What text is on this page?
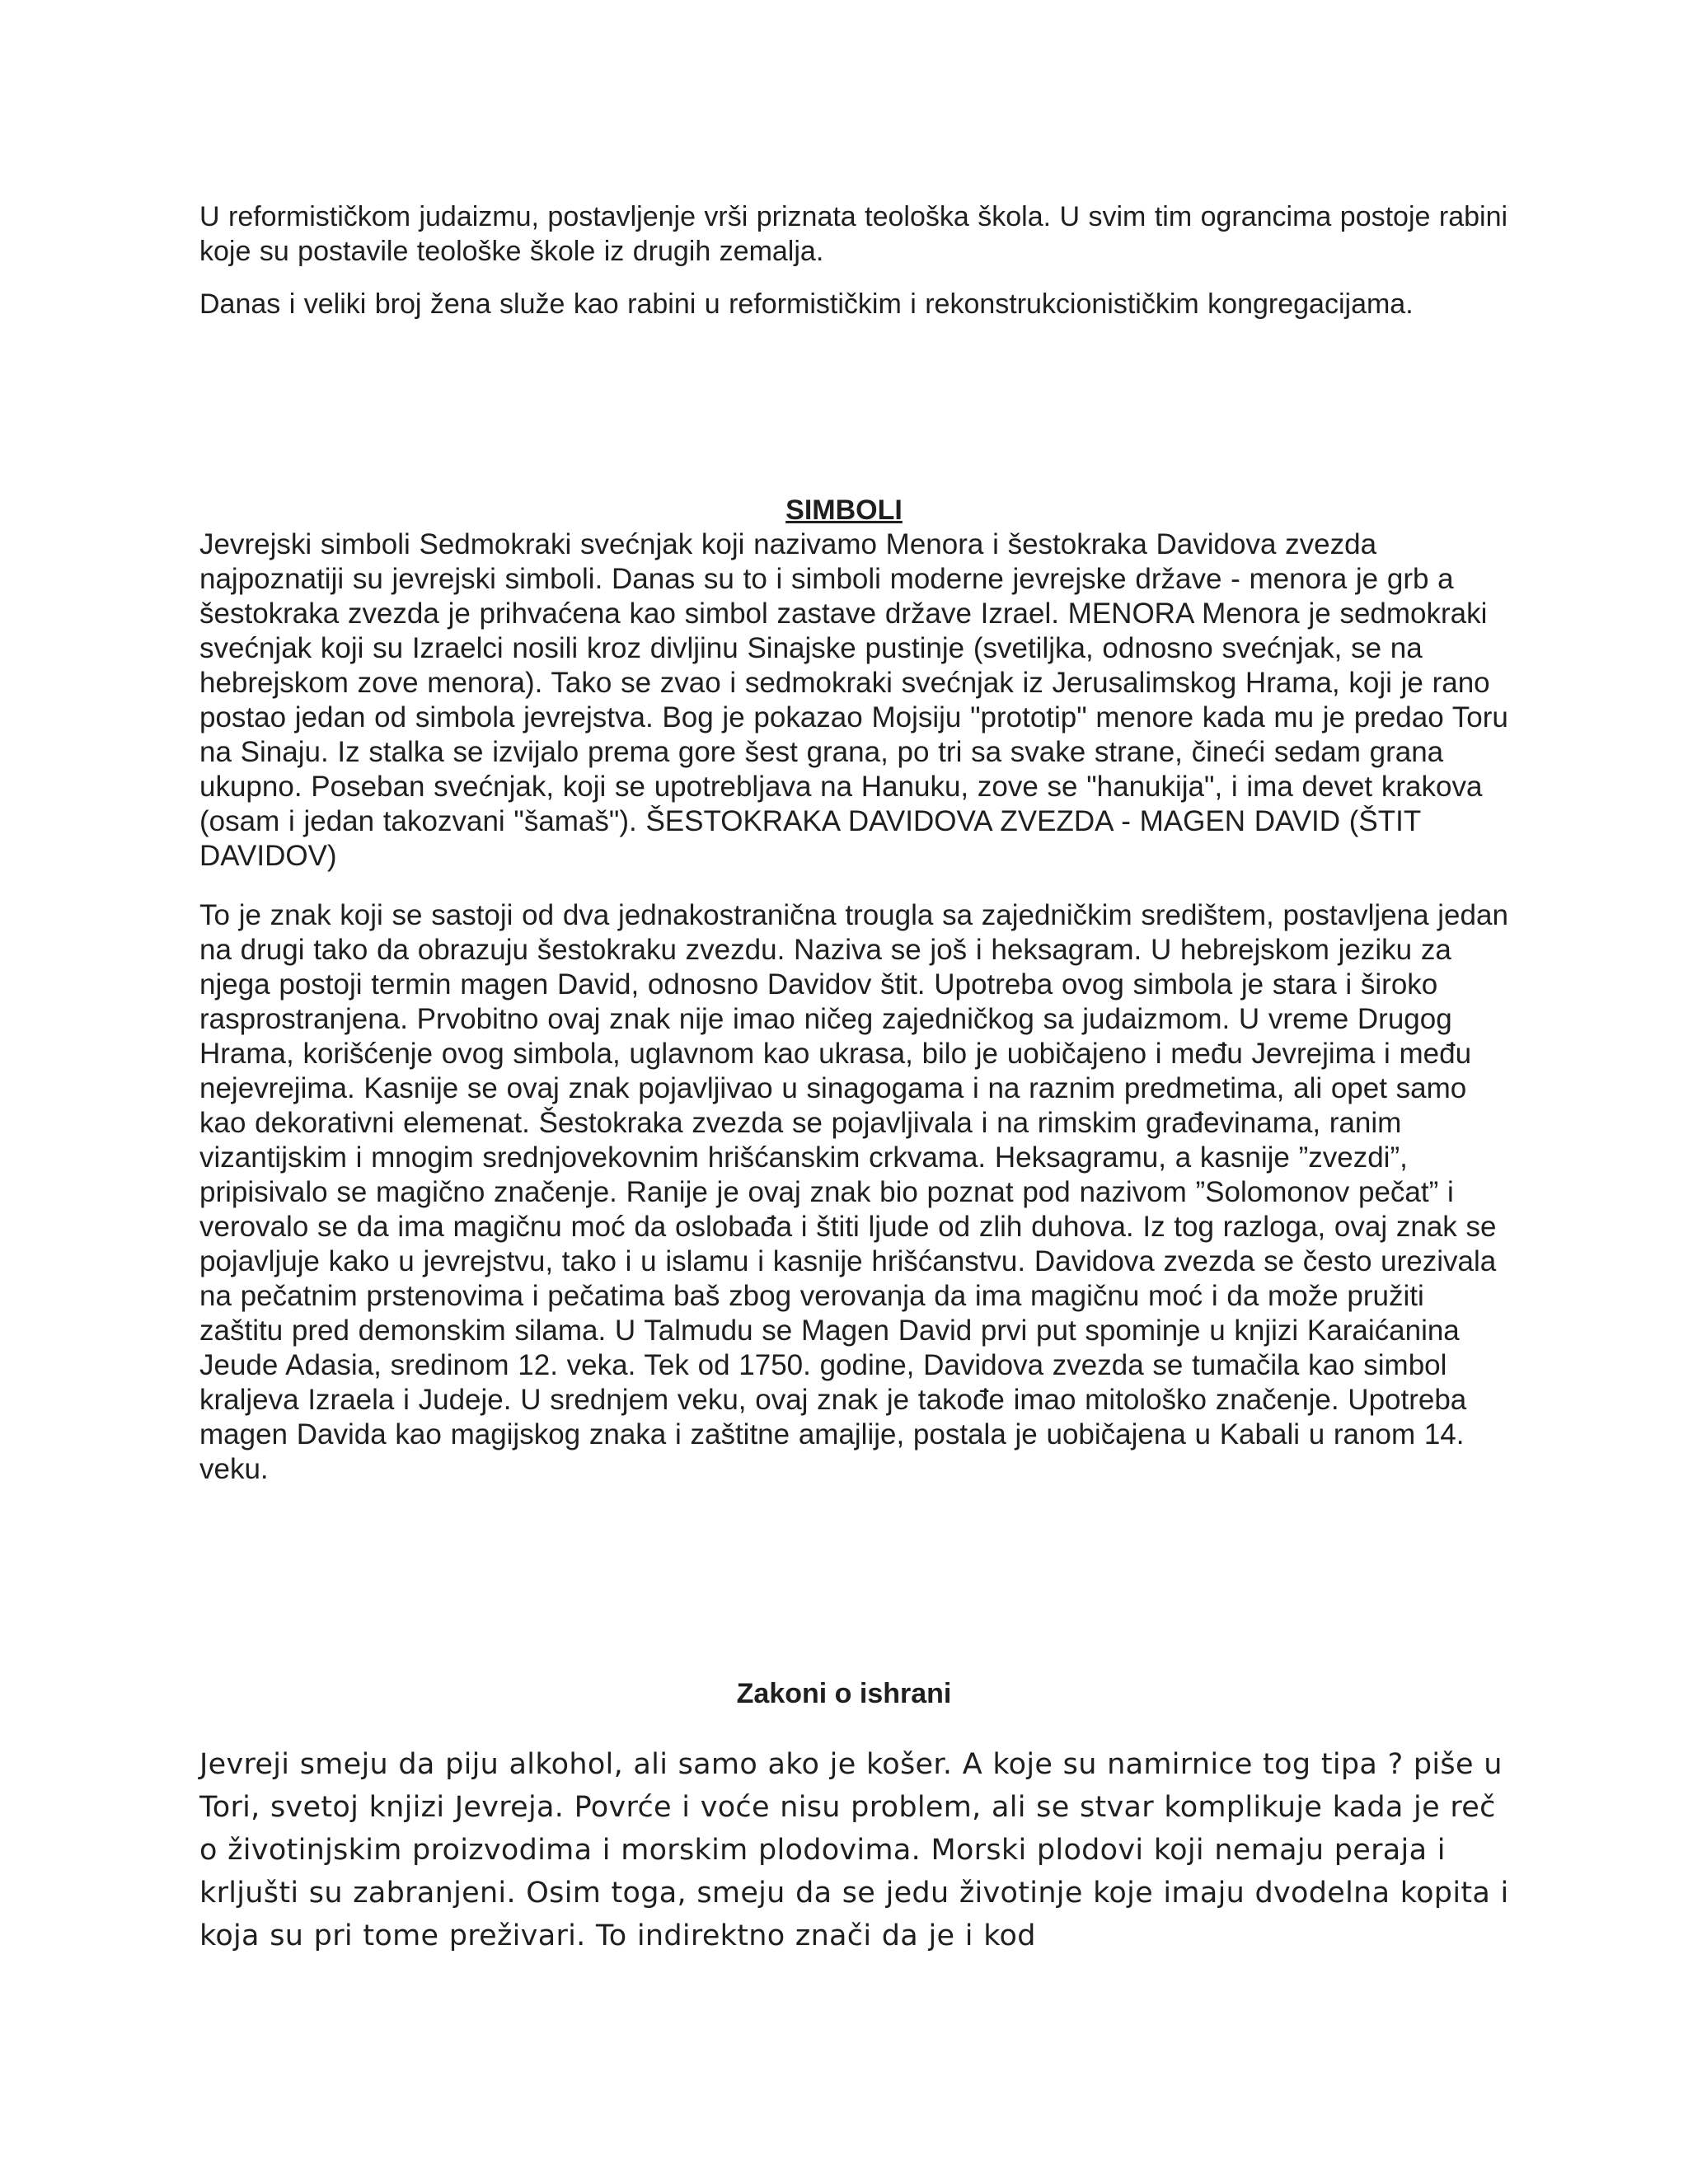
U reformističkom judaizmu, postavljenje vrši priznata teološka škola. U svim tim ograncima postoje rabini koje su postavile teološke škole iz drugih zemalja.

Danas i veliki broj žena služe kao rabini u reformističkim i rekonstrukcionističkim kongregacijama.

SIMBOLI

Jevrejski simboli Sedmokraki svećnjak koji nazivamo Menora i šestokraka Davidova zvezda najpoznatiji su jevrejski simboli. Danas su to i simboli moderne jevrejske države - menora je grb a šestokraka zvezda je prihvaćena kao simbol zastave države Izrael. MENORA Menora je sedmokraki svećnjak koji su Izraelci nosili kroz divljinu Sinajske pustinje (svetiljka, odnosno svećnjak, se na hebrejskom zove menora). Tako se zvao i sedmokraki svećnjak iz Jerusalimskog Hrama, koji je rano postao jedan od simbola jevrejstva. Bog je pokazao Mojsiju "prototip" menore kada mu je predao Toru na Sinaju. Iz stalka se izvijalo prema gore šest grana, po tri sa svake strane, čineći sedam grana ukupno. Poseban svećnjak, koji se upotrebljava na Hanuku, zove se "hanukija", i ima devet krakova (osam i jedan takozvani "šamaš"). ŠESTOKRAKA DAVIDOVA ZVEZDA - MAGEN DAVID (ŠTIT DAVIDOV)

To je znak koji se sastoji od dva jednakostranična trougla sa zajedničkim središtem, postavljena jedan na drugi tako da obrazuju šestokraku zvezdu. Naziva se još i heksagram. U hebrejskom jeziku za njega postoji termin magen David, odnosno Davidov štit. Upotreba ovog simbola je stara i široko rasprostranjena. Prvobitno ovaj znak nije imao ničeg zajedničkog sa judaizmom. U vreme Drugog Hrama, korišćenje ovog simbola, uglavnom kao ukrasa, bilo je uobičajeno i među Jevrejima i među nejevrejima. Kasnije se ovaj znak pojavljivao u sinagogama i na raznim predmetima, ali opet samo kao dekorativni elemenat. Šestokraka zvezda se pojavljivala i na rimskim građevinama, ranim vizantijskim i mnogim srednjovekovnim hrišćanskim crkvama. Heksagramu, a kasnije ”zvezdi”, pripisivalo se magično značenje. Ranije je ovaj znak bio poznat pod nazivom ”Solomonov pečat” i verovalo se da ima magičnu moć da oslobađa i štiti ljude od zlih duhova. Iz tog razloga, ovaj znak se pojavljuje kako u jevrejstvu, tako i u islamu i kasnije hrišćanstvu. Davidova zvezda se često urezivala na pečatnim prstenovima i pečatima baš zbog verovanja da ima magičnu moć i da može pružiti zaštitu pred demonskim silama. U Talmudu se Magen David prvi put spominje u knjizi Karaićanina Jeude Adasia, sredinom 12. veka. Tek od 1750. godine, Davidova zvezda se tumačila kao simbol kraljeva Izraela i Judeje. U srednjem veku, ovaj znak je takođe imao mitološko značenje. Upotreba magen Davida kao magijskog znaka i zaštitne amajlije, postala je uobičajena u Kabali u ranom 14. veku.

Zakoni o ishrani

Jevreji smeju da piju alkohol, ali samo ako je košer. A koje su namirnice tog tipa ? piše u Tori, svetoj knjizi Jevreja. Povrće i voće nisu problem, ali se stvar komplikuje kada je reč o životinjskim proizvodima i morskim plodovima. Morski plodovi koji nemaju peraja i krljušti su zabranjeni. Osim toga, smeju da se jedu životinje koje imaju dvodelna kopita i koja su pri tome preživari. To indirektno znači da je i kod
